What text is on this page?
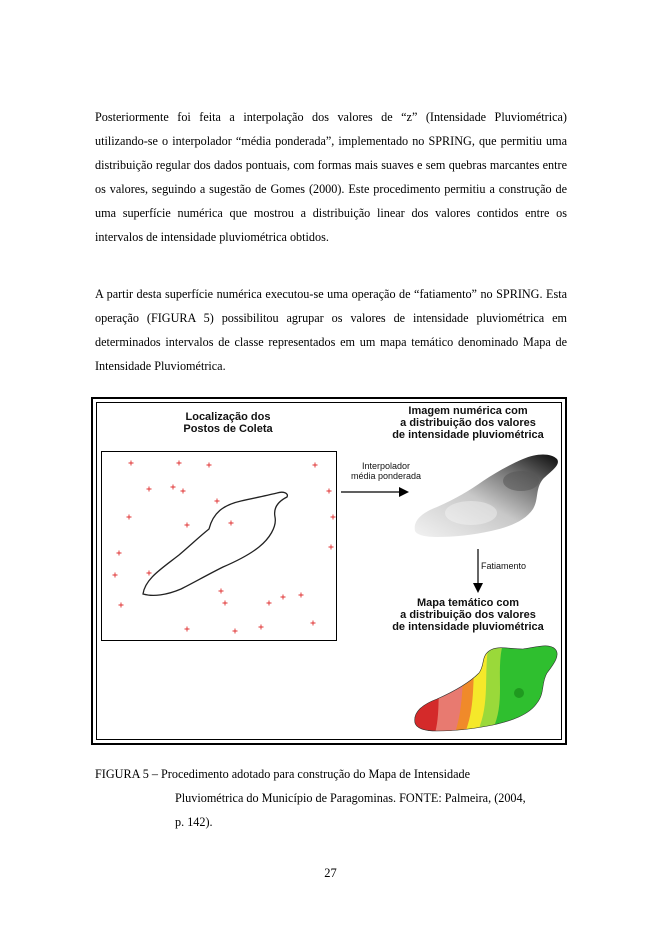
Posteriormente foi feita a interpolação dos valores de “z” (Intensidade Pluviométrica) utilizando-se o interpolador “média ponderada”, implementado no SPRING, que permitiu uma distribuição regular dos dados pontuais, com formas mais suaves e sem quebras marcantes entre os valores, seguindo a sugestão de Gomes (2000). Este procedimento permitiu a construção de uma superfície numérica que mostrou a distribuição linear dos valores contidos entre os intervalos de intensidade pluviométrica obtidos.
A partir desta superfície numérica executou-se uma operação de “fatiamento” no SPRING. Esta operação (FIGURA 5) possibilitou agrupar os valores de intensidade pluviométrica em determinados intervalos de classe representados em um mapa temático denominado Mapa de Intensidade Pluviométrica.
Localização dos
Postos de Coleta
Interpolador
média ponderada
Imagem numérica com
a distribuição dos valores
de intensidade pluviométrica
Fatiamento
Mapa temático com
a distribuição dos valores
de intensidade pluviométrica
FIGURA 5 – Procedimento adotado para construção do Mapa de Intensidade
Pluviométrica do Município de Paragominas. FONTE: Palmeira, (2004,
p. 142).
27
